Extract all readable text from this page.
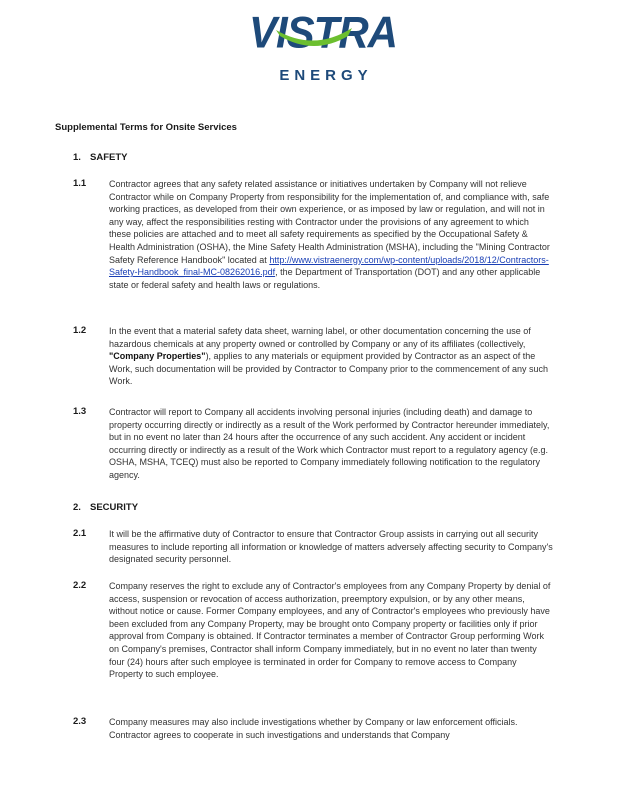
VISTRA
ENERGY
Supplemental Terms for Onsite Services
1. SAFETY
1.1	Contractor agrees that any safety related assistance or initiatives undertaken by Company will not relieve Contractor while on Company Property from responsibility for the implementation of, and compliance with, safe working practices, as developed from their own experience, or as imposed by law or regulation, and will not in any way, affect the responsibilities resting with Contractor under the provisions of any agreement to which these policies are attached and to meet all safety requirements as specified by the Occupational Safety & Health Administration (OSHA), the Mine Safety Health Administration (MSHA), including the "Mining Contractor Safety Reference Handbook" located at http://www.vistraenergy.com/wp-content/uploads/2018/12/Contractors-Safety-Handbook_final-MC-08262016.pdf, the Department of Transportation (DOT) and any other applicable state or federal safety and health laws or regulations.
1.2	In the event that a material safety data sheet, warning label, or other documentation concerning the use of hazardous chemicals at any property owned or controlled by Company or any of its affiliates (collectively, "Company Properties"), applies to any materials or equipment provided by Contractor as an aspect of the Work, such documentation will be provided by Contractor to Company prior to the commencement of any such Work.
1.3	Contractor will report to Company all accidents involving personal injuries (including death) and damage to property occurring directly or indirectly as a result of the Work performed by Contractor hereunder immediately, but in no event no later than 24 hours after the occurrence of any such accident. Any accident or incident occurring directly or indirectly as a result of the Work which Contractor must report to a regulatory agency (e.g. OSHA, MSHA, TCEQ) must also be reported to Company immediately following notification to the regulatory agency.
2. SECURITY
2.1	It will be the affirmative duty of Contractor to ensure that Contractor Group assists in carrying out all security measures to include reporting all information or knowledge of matters adversely affecting security to Company's designated security personnel.
2.2	Company reserves the right to exclude any of Contractor's employees from any Company Property by denial of access, suspension or revocation of access authorization, preemptory expulsion, or by any other means, without notice or cause. Former Company employees, and any of Contractor's employees who previously have been excluded from any Company Property, may be brought onto Company property or facilities only if prior approval from Company is obtained. If Contractor terminates a member of Contractor Group performing Work on Company's premises, Contractor shall inform Company immediately, but in no event no later than twenty four (24) hours after such employee is terminated in order for Company to remove access to Company Property to such employee.
2.3	Company measures may also include investigations whether by Company or law enforcement officials. Contractor agrees to cooperate in such investigations and understands that Company
